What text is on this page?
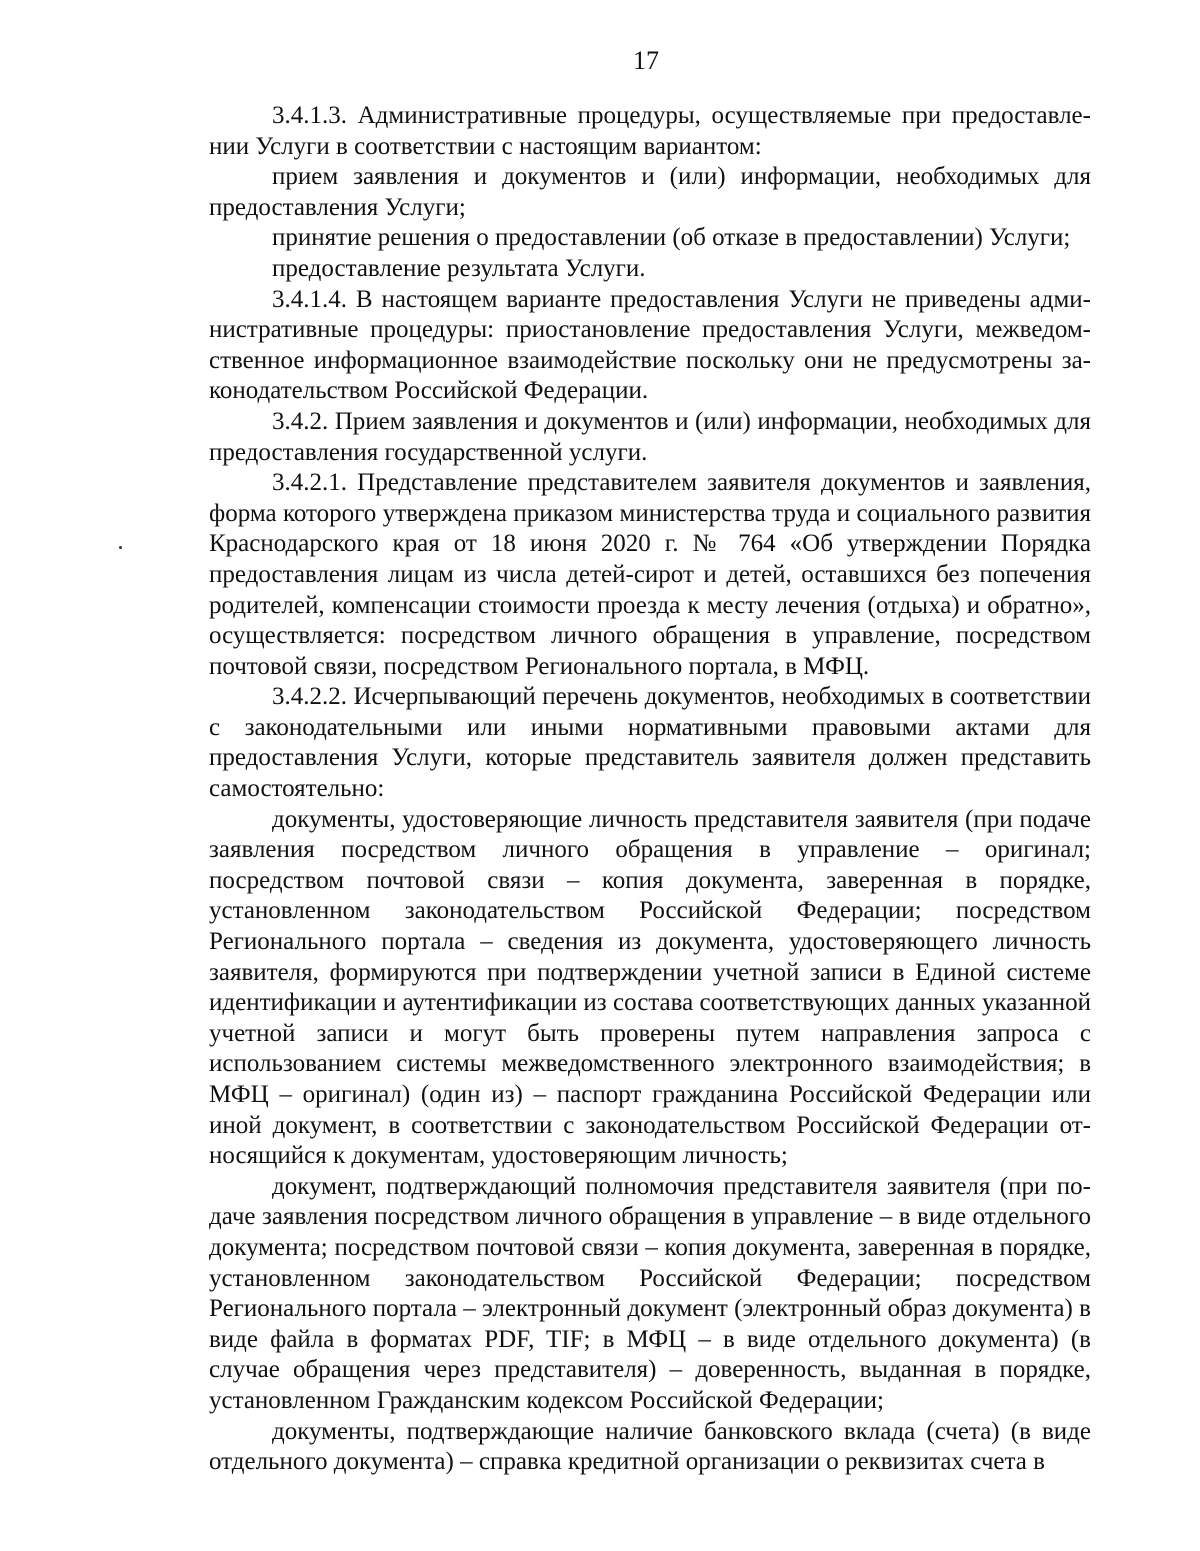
17

3.4.1.3. Административные процедуры, осуществляемые при предоставлении Услуги в соответствии с настоящим вариантом:

прием заявления и документов и (или) информации, необходимых для предоставления Услуги;

принятие решения о предоставлении (об отказе в предоставлении) Услуги;

предоставление результата Услуги.

3.4.1.4. В настоящем варианте предоставления Услуги не приведены административные процедуры: приостановление предоставления Услуги, межведомственное информационное взаимодействие поскольку они не предусмотрены законодательством Российской Федерации.

3.4.2. Прием заявления и документов и (или) информации, необходимых для предоставления государственной услуги.

3.4.2.1. Представление представителем заявителя документов и заявления, форма которого утверждена приказом министерства труда и социального развития Краснодарского края от 18 июня 2020 г. № 764 «Об утверждении Порядка предоставления лицам из числа детей-сирот и детей, оставшихся без попечения родителей, компенсации стоимости проезда к месту лечения (отдыха) и обратно», осуществляется: посредством личного обращения в управление, посредством почтовой связи, посредством Регионального портала, в МФЦ.

3.4.2.2. Исчерпывающий перечень документов, необходимых в соответствии с законодательными или иными нормативными правовыми актами для предоставления Услуги, которые представитель заявителя должен представить самостоятельно:

документы, удостоверяющие личность представителя заявителя (при подаче заявления посредством личного обращения в управление – оригинал; посредством почтовой связи – копия документа, заверенная в порядке, установленном законодательством Российской Федерации; посредством Регионального портала – сведения из документа, удостоверяющего личность заявителя, формируются при подтверждении учетной записи в Единой системе идентификации и аутентификации из состава соответствующих данных указанной учетной записи и могут быть проверены путем направления запроса с использованием системы межведомственного электронного взаимодействия; в МФЦ – оригинал) (один из) – паспорт гражданина Российской Федерации или иной документ, в соответствии с законодательством Российской Федерации относящийся к документам, удостоверяющим личность;

документ, подтверждающий полномочия представителя заявителя (при подаче заявления посредством личного обращения в управление – в виде отдельного документа; посредством почтовой связи – копия документа, заверенная в порядке, установленном законодательством Российской Федерации; посредством Регионального портала – электронный документ (электронный образ документа) в виде файла в форматах PDF, TIF; в МФЦ – в виде отдельного документа) (в случае обращения через представителя) – доверенность, выданная в порядке, установленном Гражданским кодексом Российской Федерации;

документы, подтверждающие наличие банковского вклада (счета) (в виде отдельного документа) – справка кредитной организации о реквизитах счета в
